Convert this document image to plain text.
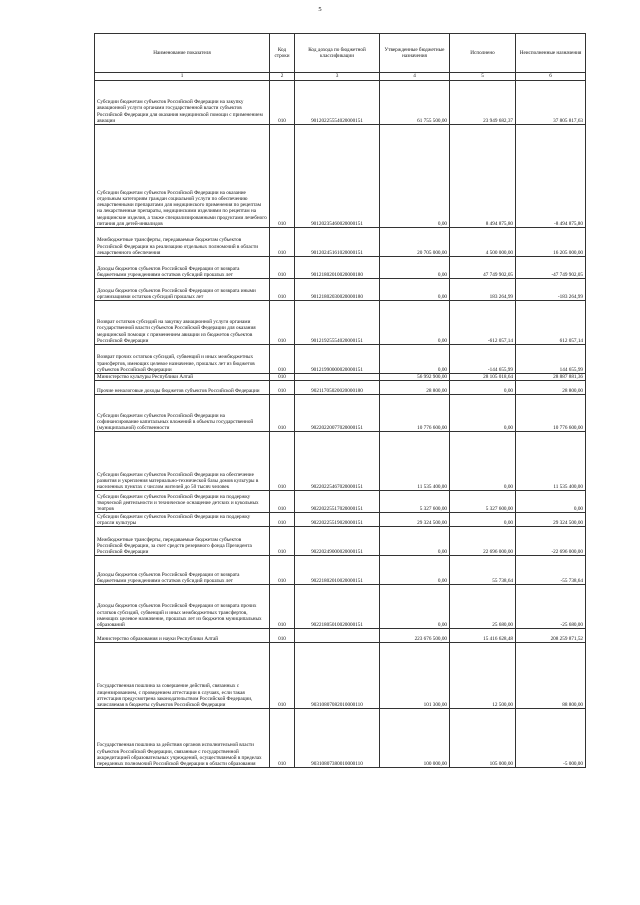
5
Наименование показателя	Код строки	Код дохода по бюджетной классификации	Утвержденные бюджетные назначения	Исполнено	Неисполненные назначения
1	2	3	4	5	6
Субсидии бюджетам субъектов Российской Федерации на закупку авиационной услуги органами государственной власти субъектов Российской Федерации для оказания медицинской помощи с применением авиации	010	90120225554020000151	61 755 500,00	23 949 682,37	37 805 817,63
Субсидии бюджетам субъектов Российской Федерации на оказание отдельным категориям граждан социальной услуги по обеспечению лекарственными препаратами для медицинского применения по рецептам на лекарственные препараты, медицинскими изделиями по рецептам на медицинские изделия, а также специализированными продуктами лечебного питания для детей-инвалидов	010	90120235460020000151	0,00	8 494 875,80	-8 494 875,80
Межбюджетные трансферты, передаваемые бюджетам субъектов Российской Федерации на реализацию отдельных полномочий в области лекарственного обеспечения	010	90120245161020000151	20 705 000,00	4 500 000,00	16 205 000,00
Доходы бюджетов субъектов Российской Федерации от возврата бюджетными учреждениями остатков субсидий прошлых лет	010	90121802010020000180	0,00	47 749 902,05	-47 749 902,05
Доходы бюджетов субъектов Российской Федерации от возврата иными организациями остатков субсидий прошлых лет	010	90121802030020000180	0,00	183 264,99	-183 264,99
Возврат остатков субсидий на закупку авиационной услуги органами государственной власти субъектов Российской Федерации для оказания медицинской помощи с применением авиации из бюджетов субъектов Российской Федерации	010	90121925554020000151	0,00	-612 057,14	612 057,14
Возврат прочих остатков субсидий, субвенций и иных межбюджетных трансфертов, имеющих целевое назначение, прошлых лет из бюджетов субъектов Российской Федерации	010	90121990000020000151	0,00	-144 655,99	144 655,99
Министерство культуры Республики Алтай	010		56 992 900,00	28 105 018,64	28 887 881,36
Прочие неналоговые доходы бюджетов субъектов Российской Федерации	010	90211705020020000180	28 800,00	0,00	28 800,00
Субсидии бюджетам субъектов Российской Федерации на софинансирование капитальных вложений в объекты государственной (муниципальной) собственности	010	90220220077020000151	10 776 600,00	0,00	10 776 600,00
Субсидии бюджетам субъектов Российской Федерации на обеспечение развития и укрепления материально-технической базы домов культуры в населенных пунктах с числом жителей до 50 тысяч человек	010	90220225467020000151	11 535 400,00	0,00	11 535 400,00
Субсидии бюджетам субъектов Российской Федерации на поддержку творческой деятельности и техническое оснащение детских и кукольных театров	010	90220225517020000151	5 327 600,00	5 327 600,00	0,00
Субсидии бюджетам субъектов Российской Федерации на поддержку отрасли культуры	010	90220225519020000151	29 324 500,00	0,00	29 324 500,00
Межбюджетные трансферты, передаваемые бюджетам субъектов Российской Федерации, за счет средств резервного фонда Президента Российской Федерации	010	90220249000020000151	0,00	22 696 000,00	-22 696 000,00
Доходы бюджетов субъектов Российской Федерации от возврата бюджетными учреждениями остатков субсидий прошлых лет	010	90221802010020000151	0,00	55 738,64	-55 738,64
Доходы бюджетов субъектов Российской Федерации от возврата прочих остатков субсидий, субвенций и иных межбюджетных трансфертов, имеющих целевое назначение, прошлых лет из бюджетов муниципальных образований	010	90221805010020000151	0,00	25 680,00	-25 680,00
Министерство образования и науки Республики Алтай	010		223 676 500,00	15 416 628,48	208 259 871,52
Государственная пошлина за совершение действий, связанных с лицензированием, с проведением аттестации в случаях, если такая аттестация предусмотрена законодательством Российской Федерации, зачисляемая в бюджеты субъектов Российской Федерации	010	90310807082010000110	101 300,00	12 500,00	88 800,00
Государственная пошлина за действия органов исполнительной власти субъектов Российской Федерации, связанные с государственной аккредитацией образовательных учреждений, осуществляемой в пределах переданных полномочий Российской Федерации в области образования	010	90310807380010000110	100 000,00	105 000,00	-5 000,00
